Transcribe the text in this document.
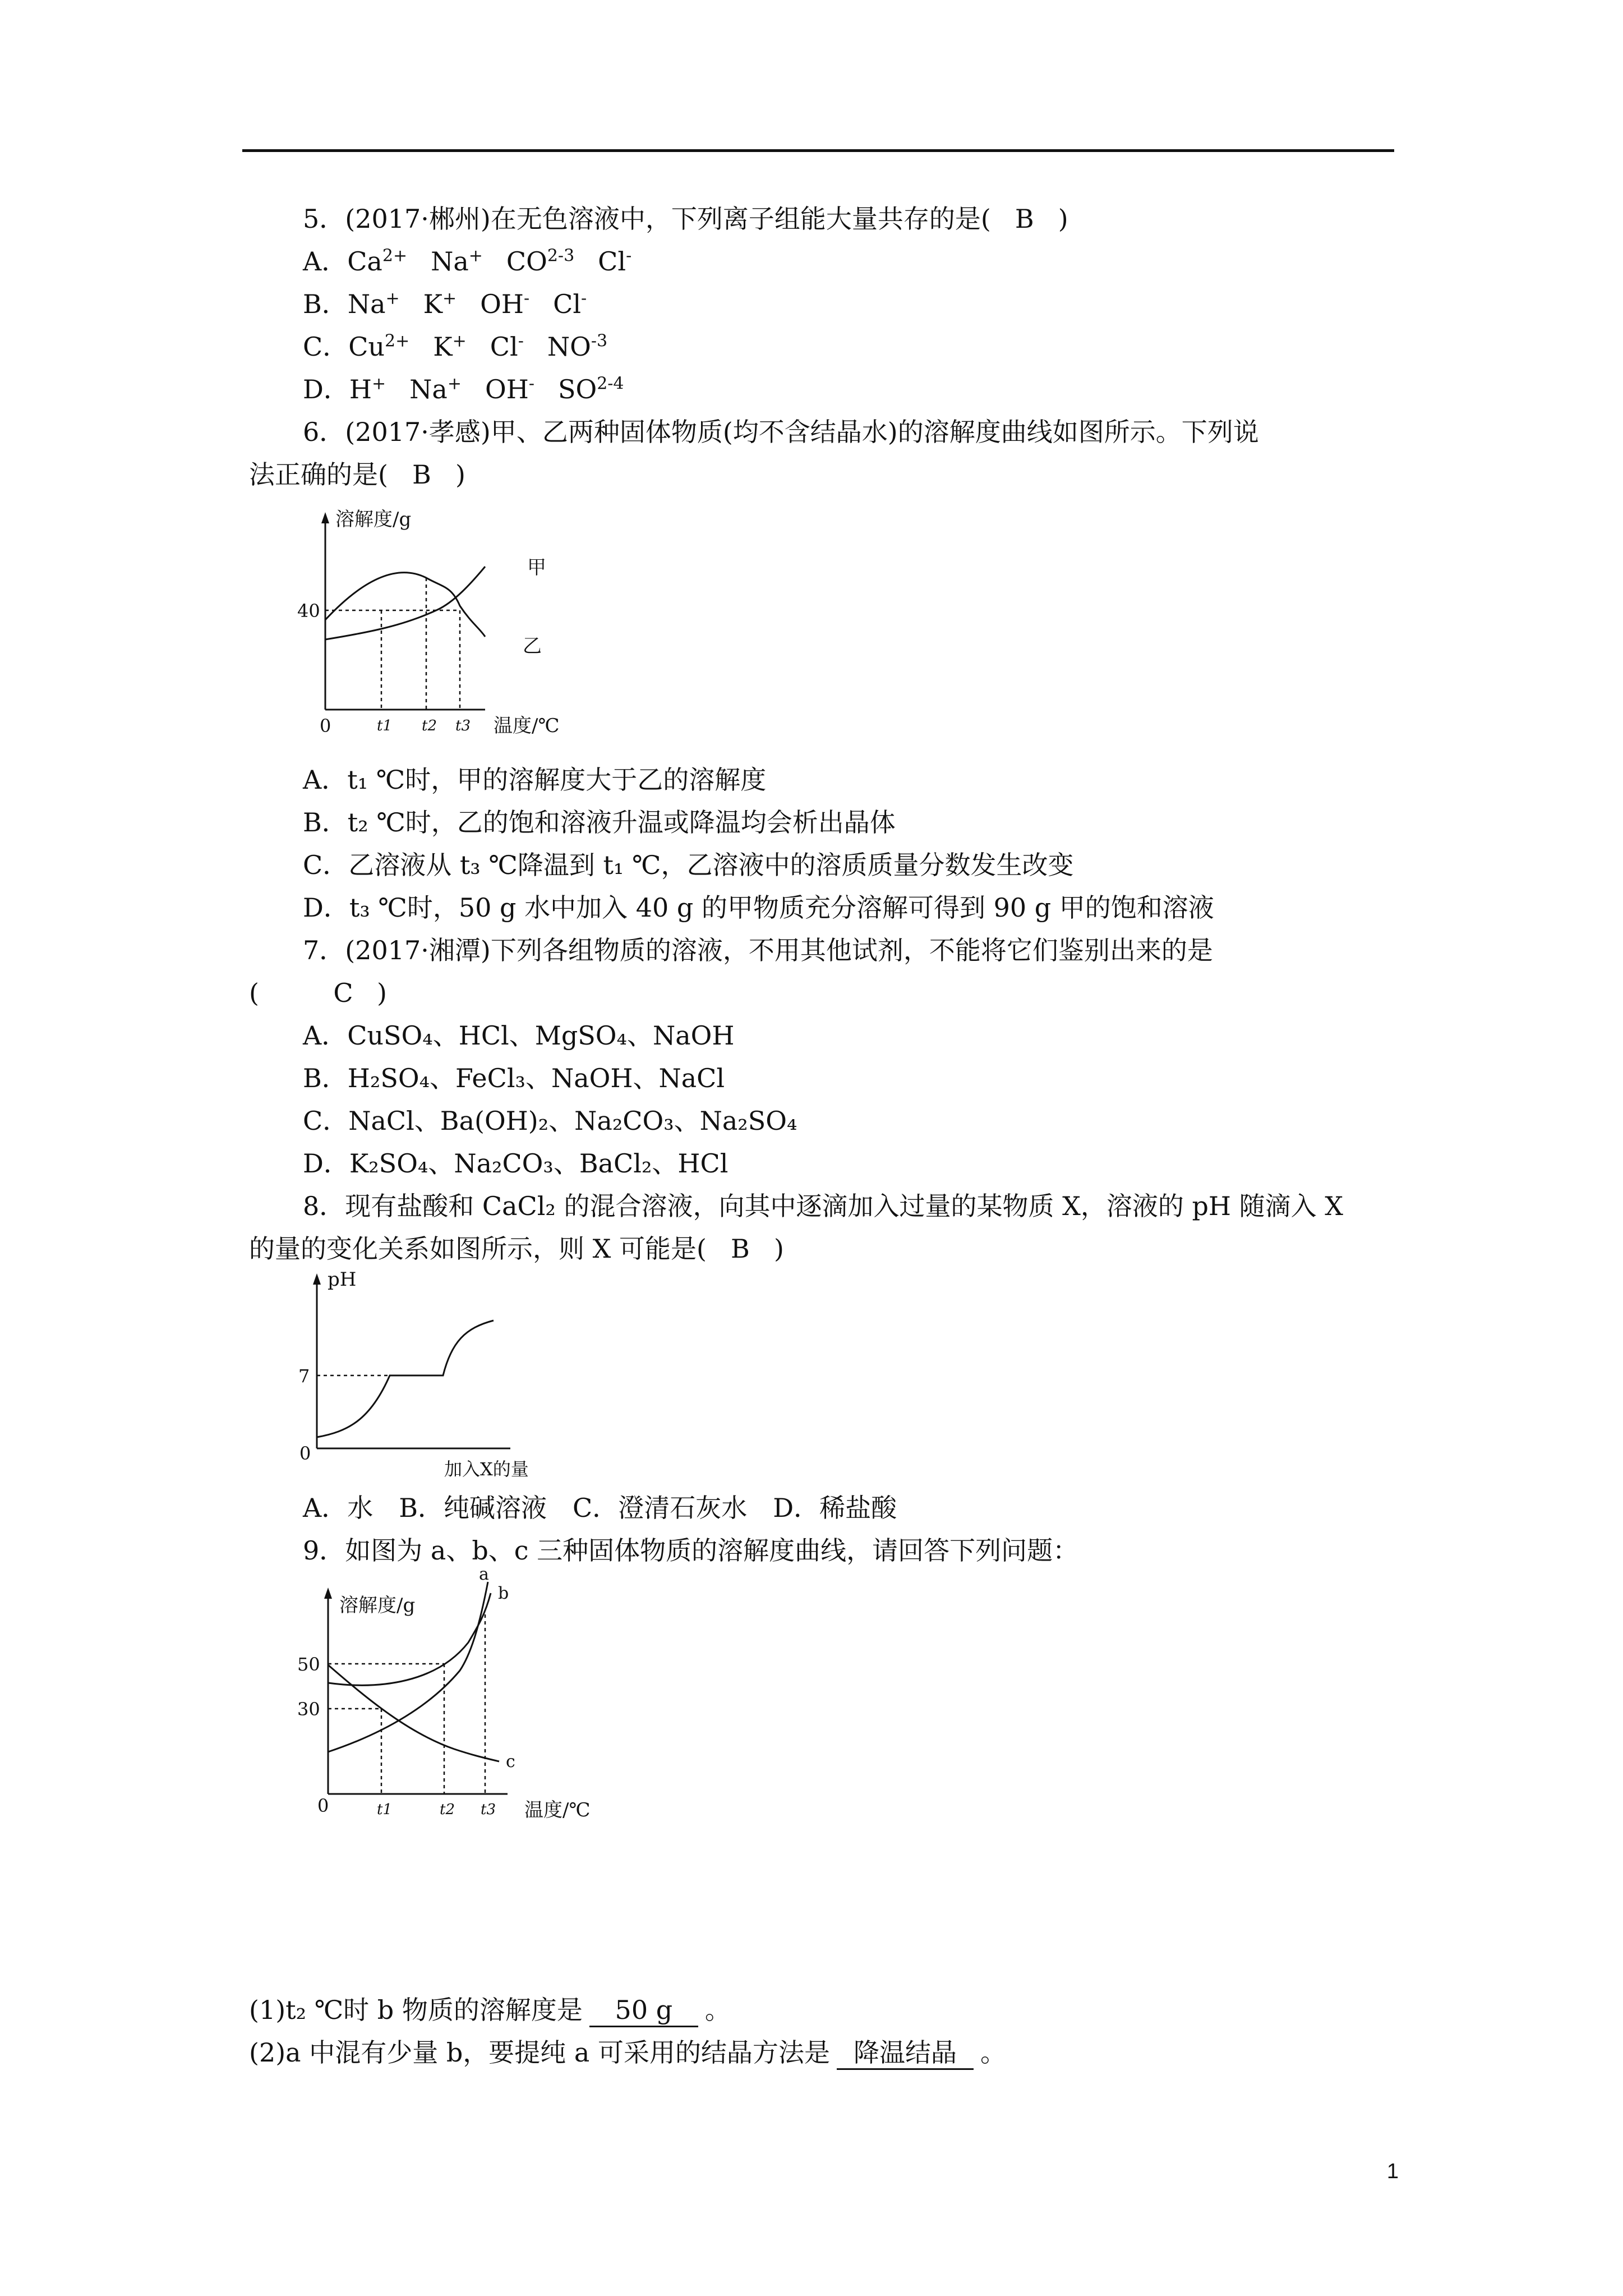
5．(2017·郴州)在无色溶液中，下列离子组能大量共存的是( B )
A．$Ca^{2+}$ Na+ CO$^{2-3}$ Cl-
B．Na+ K+ OH- Cl-
C．$Cu^{2+}$ K+ Cl- $NO^{-3}$
D．H+ Na+ OH- SO$^{2-4}$
6．(2017·孝感)甲、乙两种固体物质(均不含结晶水)的溶解度曲线如图所示。下列说
法正确的是( B )
溶解度/g
40
0	t1 t2 t3 温度/℃
甲
乙
A．t₁ ℃时，甲的溶解度大于乙的溶解度
B．t₂ ℃时，乙的饱和溶液升温或降温均会析出晶体
C．乙溶液从 t₃ ℃降温到 t₁ ℃，乙溶液中的溶质质量分数发生改变
D．t₃ ℃时，50 g 水中加入 40 g 的甲物质充分溶解可得到 90 g 甲的饱和溶液
7．(2017·湘潭)下列各组物质的溶液，不用其他试剂，不能将它们鉴别出来的是
(	C )
A．CuSO₄、HCl、MgSO₄、NaOH
B．H₂SO₄、FeCl₃、NaOH、NaCl
C．NaCl、Ba(OH)₂、Na₂CO₃、Na₂SO₄
D．K₂SO₄、Na₂CO₃、BaCl₂、HCl
8．现有盐酸和 CaCl₂ 的混合溶液，向其中逐滴加入过量的某物质 X，溶液的 pH 随滴入 X
的量的变化关系如图所示，则 X 可能是( B )
pH
7
0
加入X的量
A．水　B．纯碱溶液　C．澄清石灰水　D．稀盐酸
9．如图为 a、b、c 三种固体物质的溶解度曲线，请回答下列问题：
溶解度/g
50
30
0	t1	t2 t3 温度/℃
a
b
c
(1)t₂ ℃时 b 物质的溶解度是 50 g 。
(2)a 中混有少量 b，要提纯 a 可采用的结晶方法是 降温结晶 。
1
